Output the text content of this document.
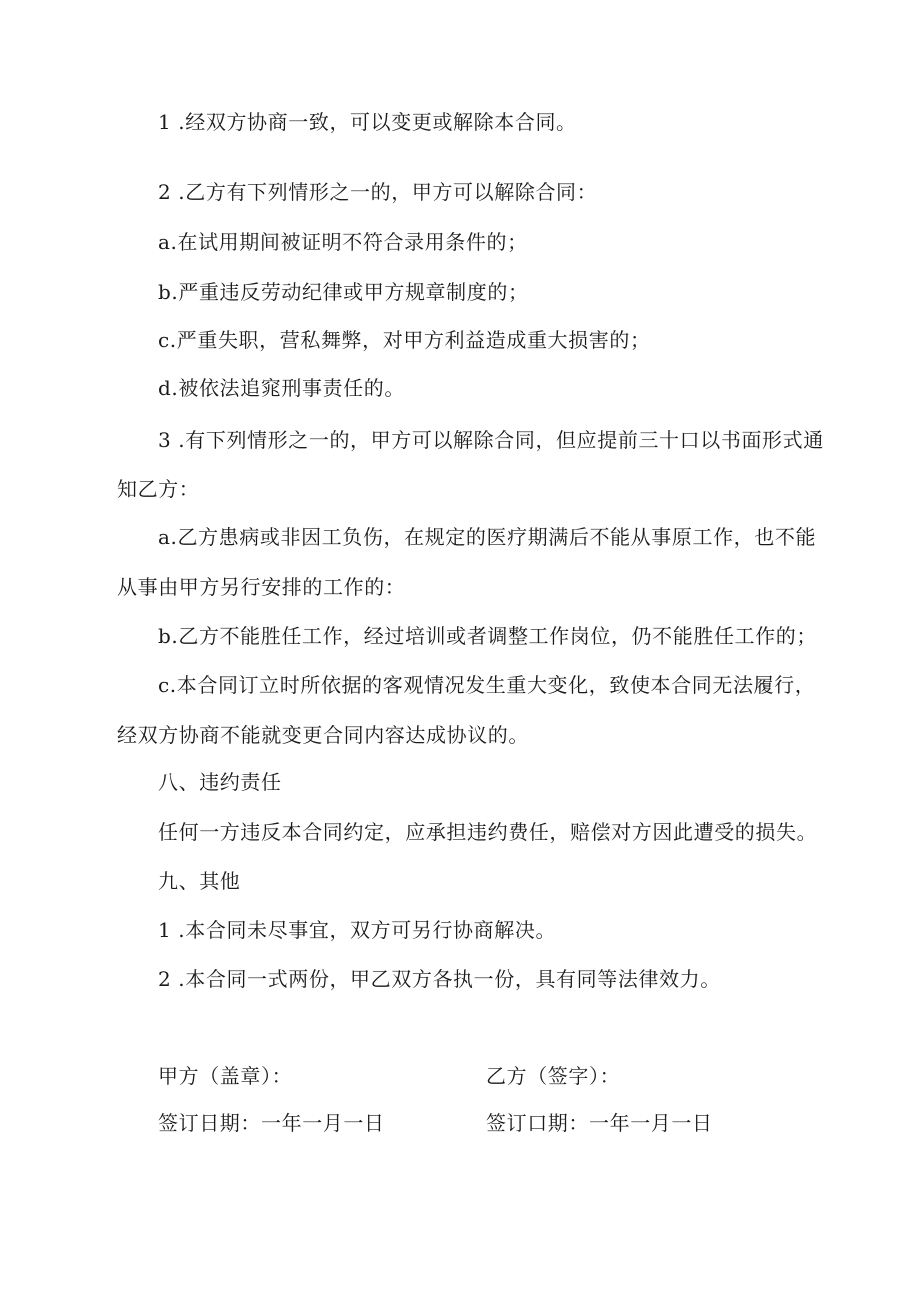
1 .经双方协商一致，可以变更或解除本合同。
2 .乙方有下列情形之一的，甲方可以解除合同：
a.在试用期间被证明不符合录用条件的；
b.严重违反劳动纪律或甲方规章制度的；
c.严重失职，营私舞弊，对甲方利益造成重大损害的；
d.被依法追窕刑事责任的。
3 .有下列情形之一的，甲方可以解除合同，但应提前三十口以书面形式通
知乙方：
a.乙方患病或非因工负伤，在规定的医疗期满后不能从事原工作，也不能
从事由甲方另行安排的工作的：
b.乙方不能胜任工作，经过培训或者调整工作岗位，仍不能胜任工作的；
c.本合同订立时所依据的客观情况发生重大变化，致使本合同无法履行，
经双方协商不能就变更合同内容达成协议的。
八、违约责任
任何一方违反本合同约定，应承担违约费任，赔偿对方因此遭受的损失。
九、其他
1 .本合同未尽事宜，双方可另行协商解决。
2 .本合同一式两份，甲乙双方各执一份，具有同等法律效力。
甲方（盖章）：	乙方（签字）：
签订日期：一年一月一日	签订口期：一年一月一日
